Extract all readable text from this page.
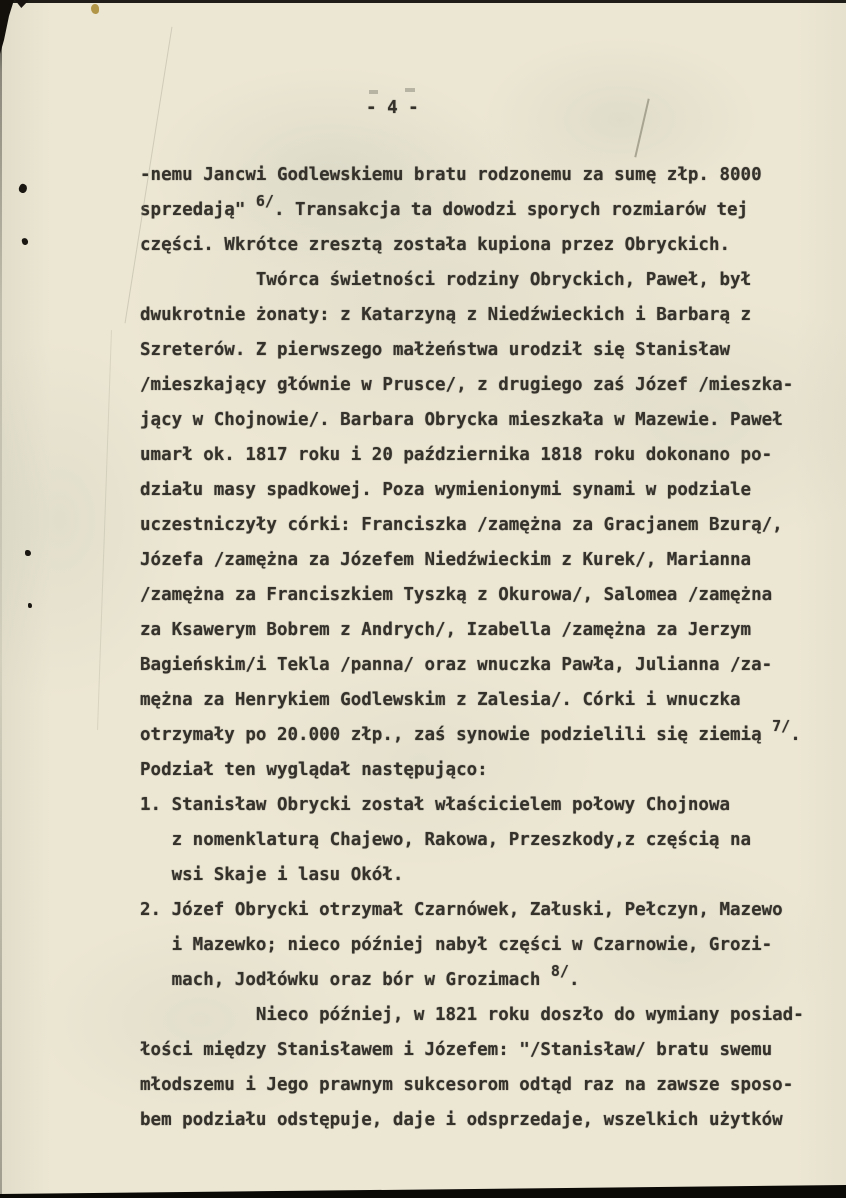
- 4 -
-nemu Jancwi Godlewskiemu bratu rodzonemu za sumę złp. 8000
sprzedają" 6/. Transakcja ta dowodzi sporych rozmiarów tej
części. Wkrótce zresztą została kupiona przez Obryckich.
Twórca świetności rodziny Obryckich, Paweł, był
dwukrotnie żonaty: z Katarzyną z Niedźwieckich i Barbarą z
Szreterów. Z pierwszego małżeństwa urodził się Stanisław
/mieszkający głównie w Prusce/, z drugiego zaś Józef /mieszka-
jący w Chojnowie/. Barbara Obrycka mieszkała w Mazewie. Paweł
umarł ok. 1817 roku i 20 października 1818 roku dokonano po-
działu masy spadkowej. Poza wymienionymi synami w podziale
uczestniczyły córki: Franciszka /zamężna za Gracjanem Bzurą/,
Józefa /zamężna za Józefem Niedźwieckim z Kurek/, Marianna
/zamężna za Franciszkiem Tyszką z Okurowa/, Salomea /zamężna
za Ksawerym Bobrem z Andrych/, Izabella /zamężna za Jerzym
Bagieńskim/i Tekla /panna/ oraz wnuczka Pawła, Julianna /za-
mężna za Henrykiem Godlewskim z Zalesia/. Córki i wnuczka
otrzymały po 20.000 złp., zaś synowie podzielili się ziemią 7/.
Podział ten wyglądał następująco:
1. Stanisław Obrycki został właścicielem połowy Chojnowa
z nomenklaturą Chajewo, Rakowa, Przeszkody,z częścią na
wsi Skaje i lasu Okół.
2. Józef Obrycki otrzymał Czarnówek, Załuski, Pełczyn, Mazewo
i Mazewko; nieco później nabył części w Czarnowie, Grozi-
mach, Jodłówku oraz bór w Grozimach 8/.
Nieco później, w 1821 roku doszło do wymiany posiad-
łości między Stanisławem i Józefem: "/Stanisław/ bratu swemu
młodszemu i Jego prawnym sukcesorom odtąd raz na zawsze sposo-
bem podziału odstępuje, daje i odsprzedaje, wszelkich użytków
